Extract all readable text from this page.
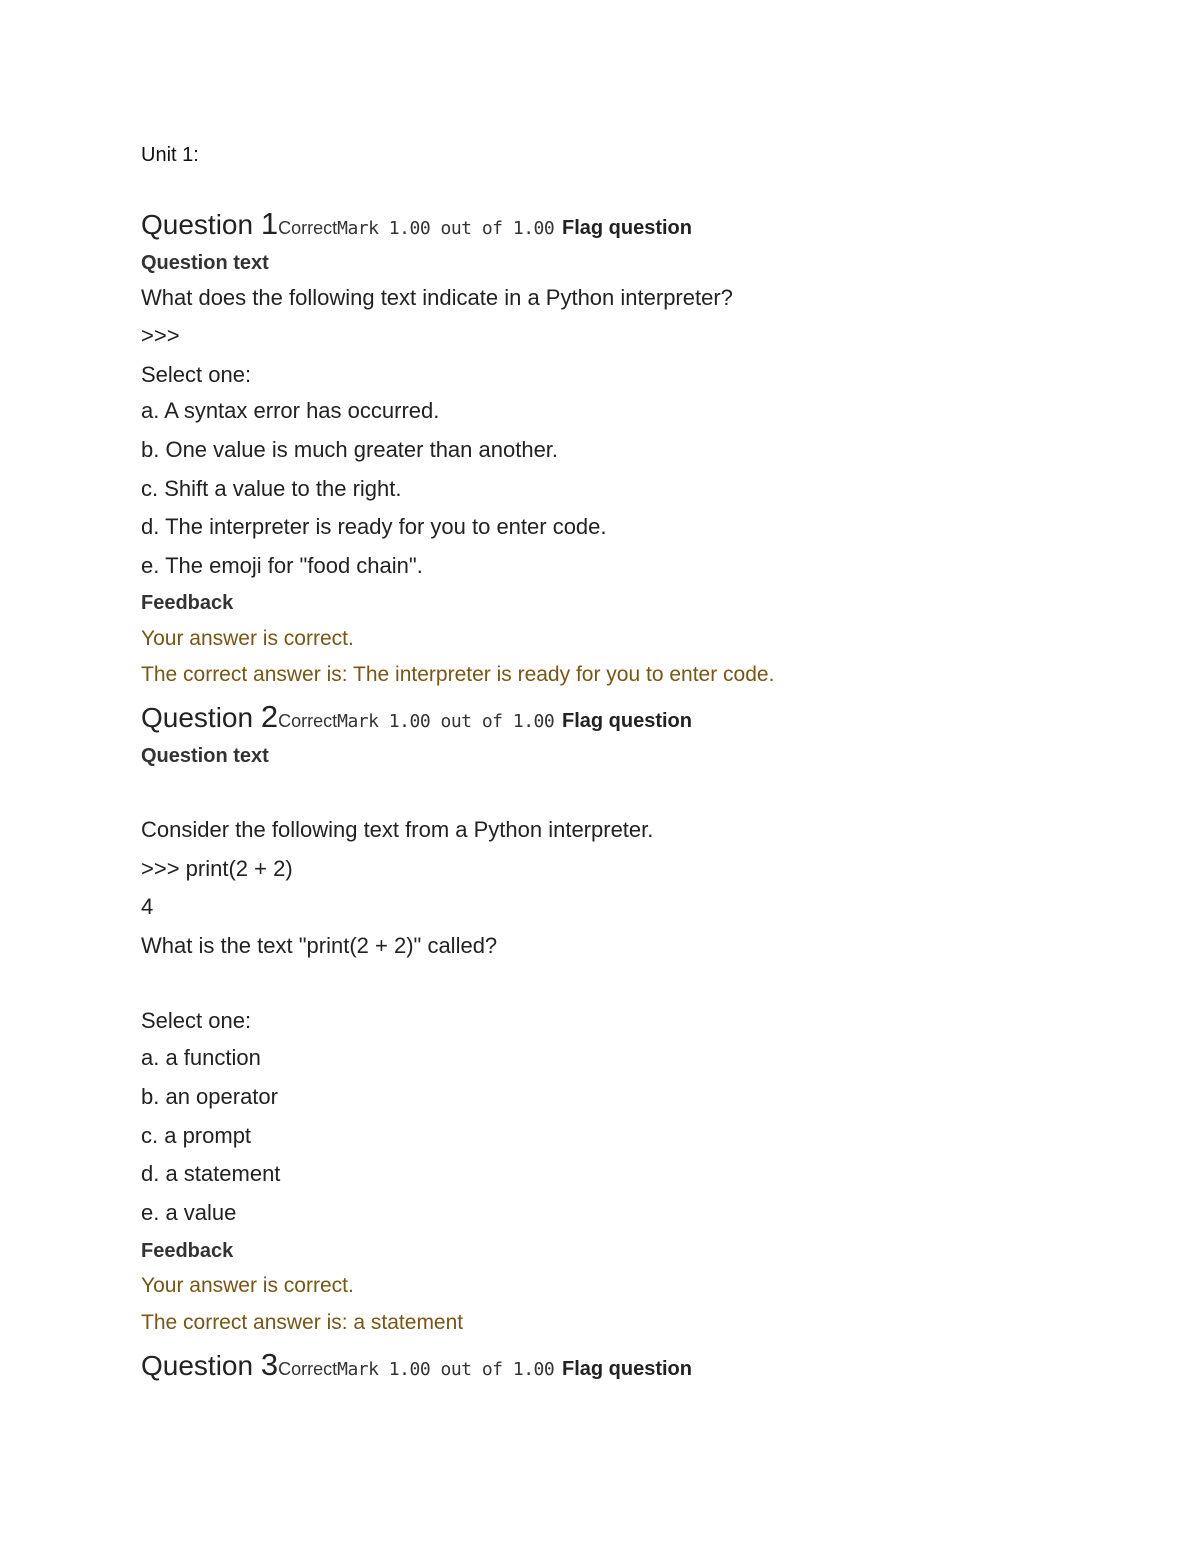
Unit 1:
Question 1CorrectMark 1.00 out of 1.00 Flag question
Question text
What does the following text indicate in a Python interpreter?
>>>
Select one:
a. A syntax error has occurred.
b. One value is much greater than another.
c. Shift a value to the right.
d. The interpreter is ready for you to enter code.
e. The emoji for "food chain".
Feedback
Your answer is correct.
The correct answer is: The interpreter is ready for you to enter code.
Question 2CorrectMark 1.00 out of 1.00 Flag question
Question text
Consider the following text from a Python interpreter.
>>> print(2 + 2)
4
What is the text "print(2 + 2)" called?
Select one:
a. a function
b. an operator
c. a prompt
d. a statement
e. a value
Feedback
Your answer is correct.
The correct answer is: a statement
Question 3CorrectMark 1.00 out of 1.00 Flag question
